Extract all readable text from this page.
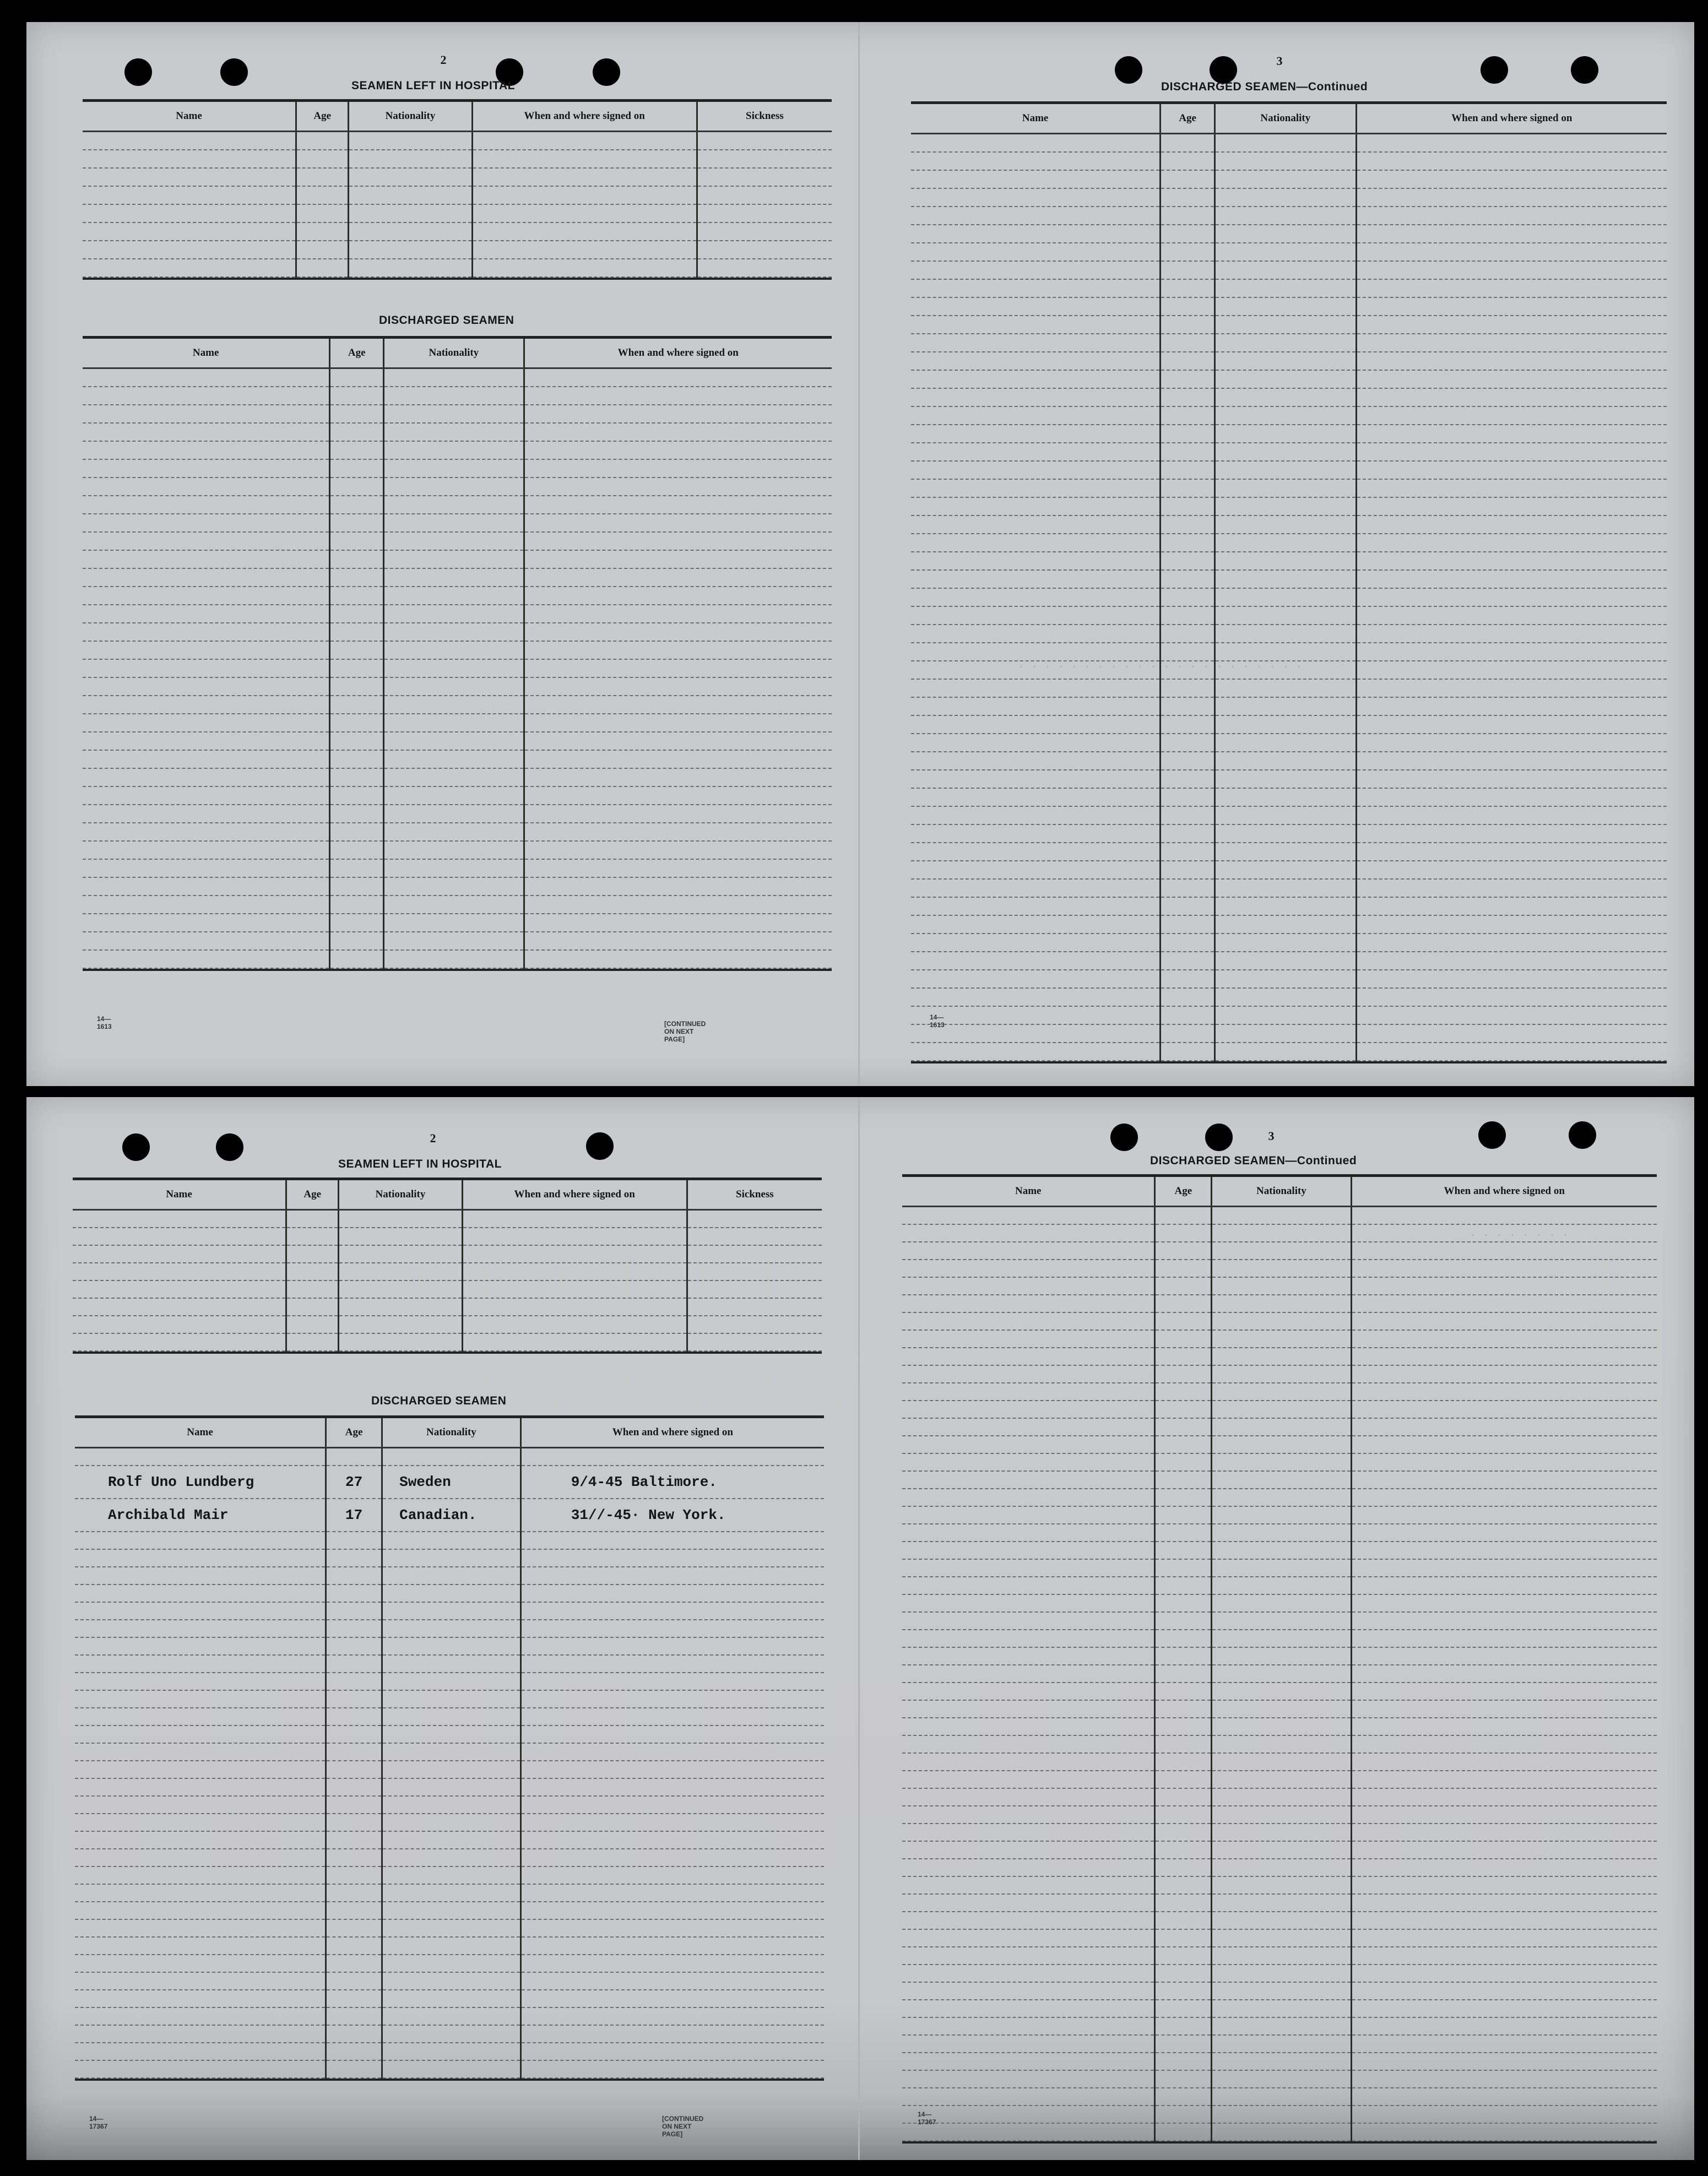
· · · · · · · · · · ·
· · · · · · · · · · · · · · · · · · · · · ·
2
SEAMEN LEFT IN HOSPITAL
Name	Age	Nationality	When and where signed on	Sickness

DISCHARGED SEAMEN
Name	Age	Nationality	When and where signed on

14—1613	[CONTINUED ON NEXT PAGE]
3
DISCHARGED SEAMEN—Continued
Name	Age	Nationality	When and where signed on

14—1613
· · · · · · · ·
2
SEAMEN LEFT IN HOSPITAL
Name	Age	Nationality	When and where signed on	Sickness

DISCHARGED SEAMEN
Name	Age	Nationality	When and where signed on

Rolf Uno Lundberg	27	Sweden	9/4-45 Baltimore.
Archibald Mair	17	Canadian.	31//-45· New York.

14—17367
[CONTINUED ON NEXT PAGE]
3
DISCHARGED SEAMEN—Continued
Name	Age	Nationality	When and where signed on

14—17367
